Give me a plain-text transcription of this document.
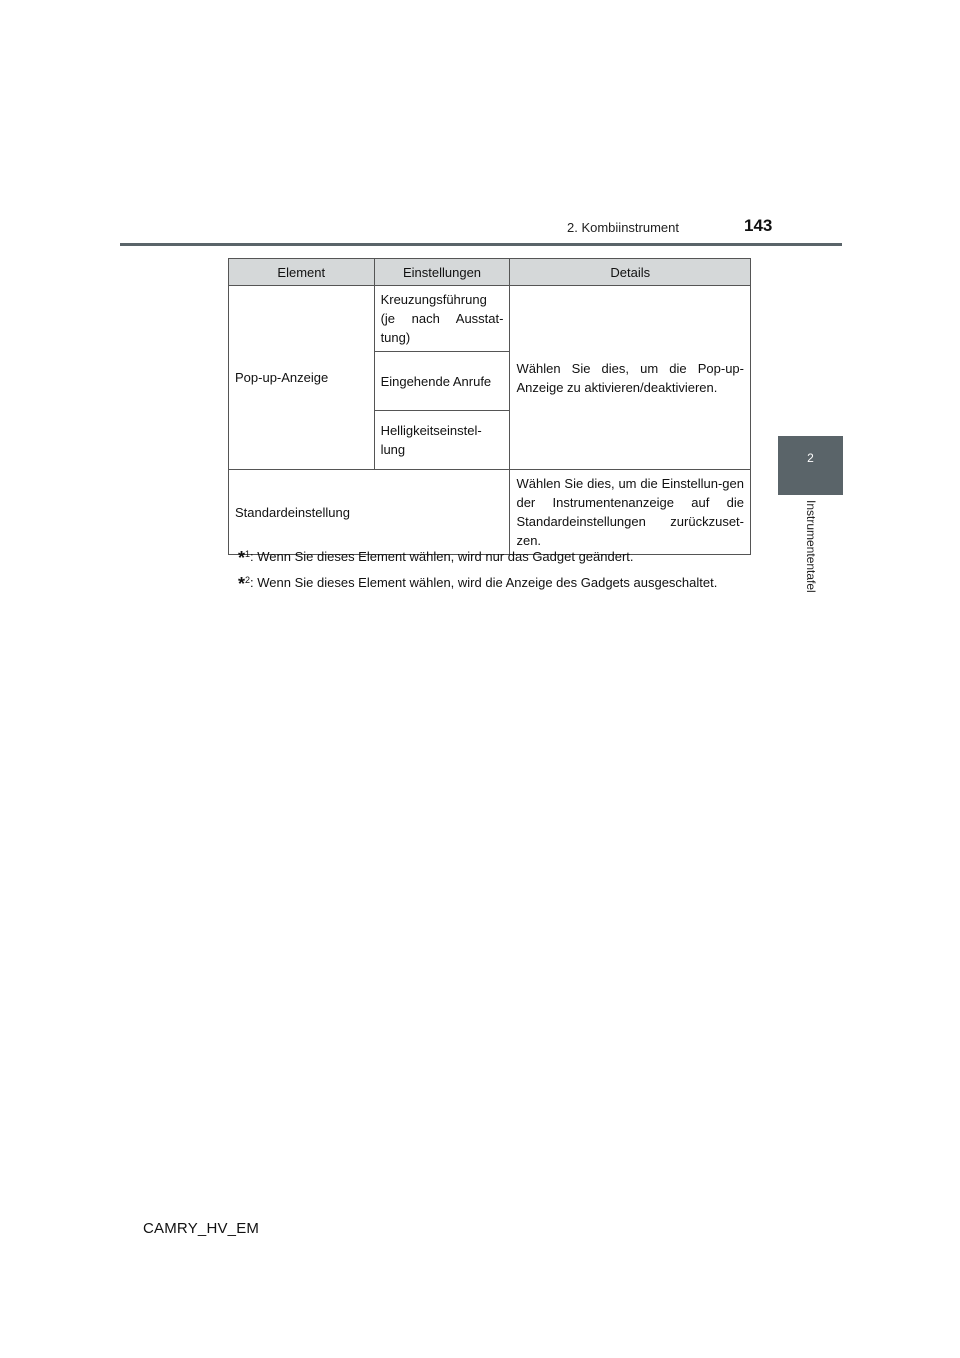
2. Kombiinstrument	143
2
Instrumententafel
Element	Einstellungen	Details
Pop-up-Anzeige	Kreuzungsführung (je nach Ausstat-tung)	Wählen Sie dies, um die Pop-up-Anzeige zu aktivieren/deaktivieren.
	Eingehende Anrufe	
	Helligkeitseinstel-lung	
Standardeinstellung		Wählen Sie dies, um die Einstellun-gen der Instrumentenanzeige auf die Standardeinstellungen zurückzuset-zen.
*$^1$: Wenn Sie dieses Element wählen, wird nur das Gadget geändert.
*$^2$: Wenn Sie dieses Element wählen, wird die Anzeige des Gadgets ausgeschaltet.
CAMRY_HV_EM
